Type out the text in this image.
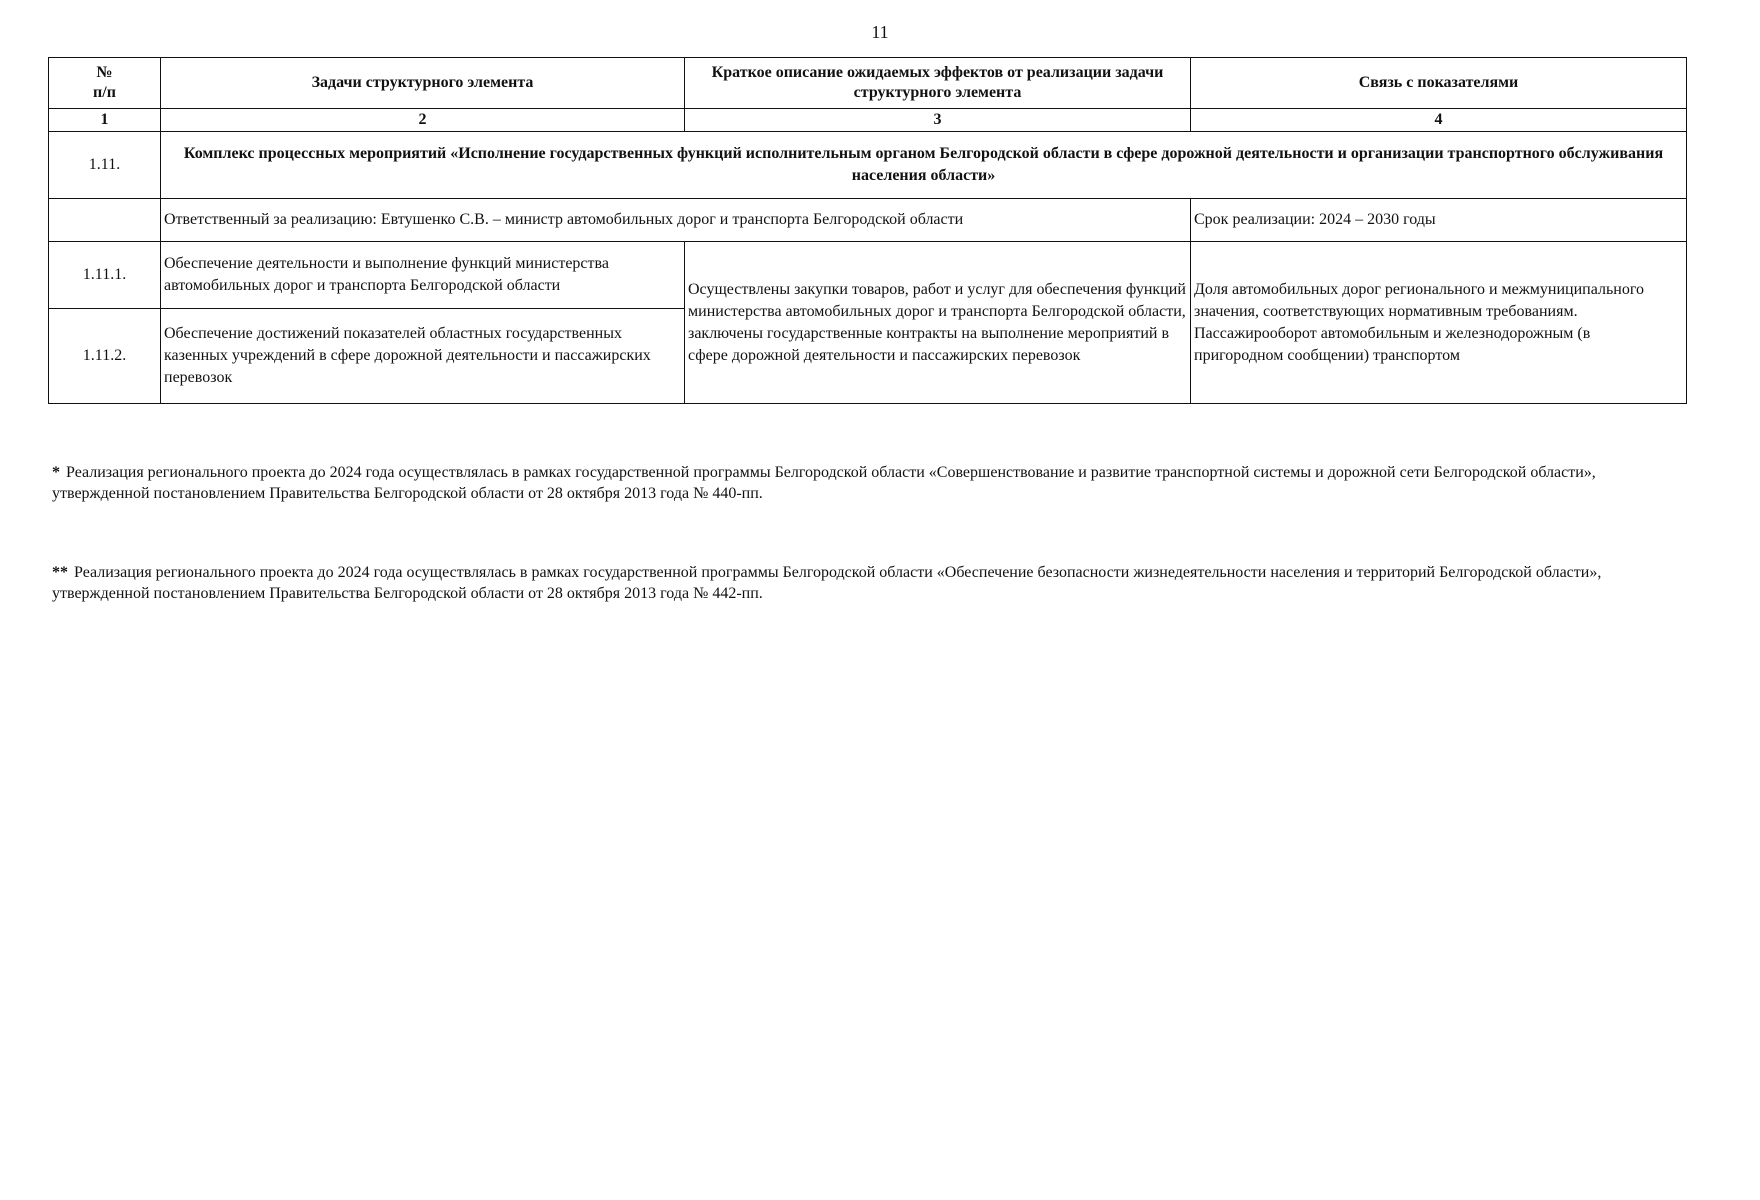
11
№
п/п	Задачи структурного элемента	Краткое описание ожидаемых эффектов от реализации задачи структурного элемента	Связь с показателями
1	2	3	4
1.11.	Комплекс процессных мероприятий «Исполнение государственных функций исполнительным органом Белгородской области в сфере дорожной деятельности и организации транспортного обслуживания населения области»		
	Ответственный за реализацию: Евтушенко С.В. – министр автомобильных дорог и транспорта Белгородской области		Срок реализации: 2024 – 2030 годы
1.11.1.	Обеспечение деятельности и выполнение функций министерства автомобильных дорог и транспорта Белгородской области	Осуществлены закупки товаров, работ и услуг для обеспечения функций министерства автомобильных дорог и транспорта Белгородской области, заключены государственные контракты на выполнение мероприятий в сфере дорожной деятельности и пассажирских перевозок	Доля автомобильных дорог регионального и межмуниципального значения, соответствующих нормативным требованиям. Пассажирооборот автомобильным и железнодорожным (в пригородном сообщении) транспортом
1.11.2.	Обеспечение достижений показателей областных государственных казенных учреждений в сфере дорожной деятельности и пассажирских перевозок		
* Реализация регионального проекта до 2024 года осуществлялась в рамках государственной программы Белгородской области «Совершенствование и развитие транспортной системы и дорожной сети Белгородской области», утвержденной постановлением Правительства Белгородской области от 28 октября 2013 года № 440-пп.
** Реализация регионального проекта до 2024 года осуществлялась в рамках государственной программы Белгородской области «Обеспечение безопасности жизнедеятельности населения и территорий Белгородской области», утвержденной постановлением Правительства Белгородской области от 28 октября 2013 года № 442-пп.
